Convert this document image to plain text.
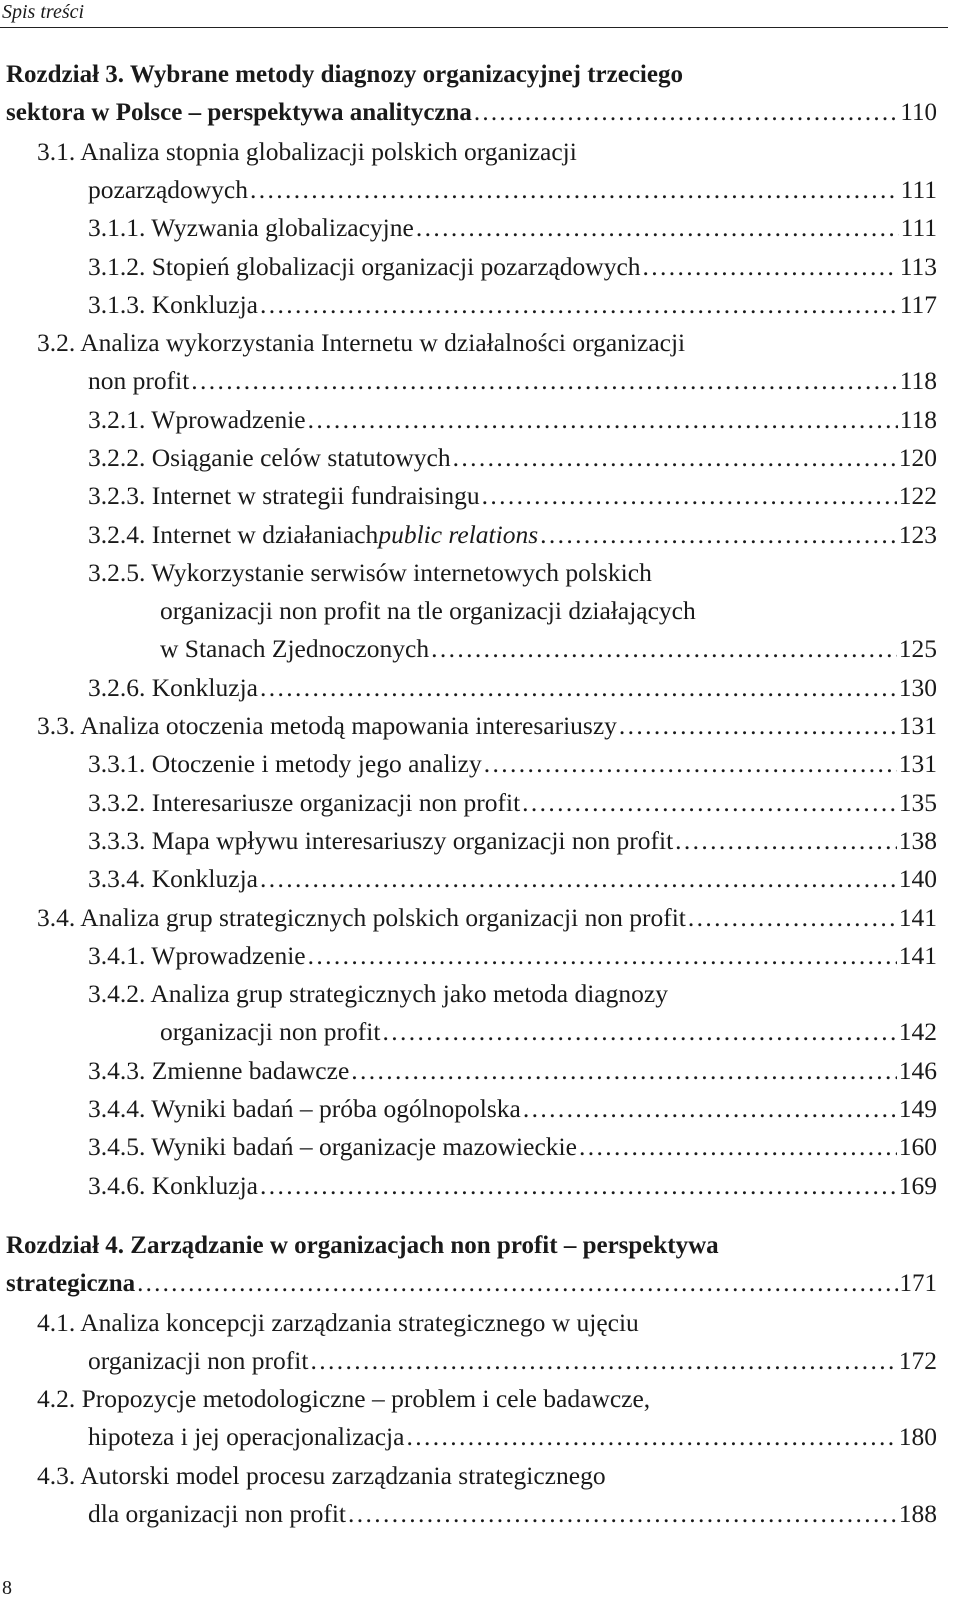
Spis treści
Rozdział 3. Wybrane metody diagnozy organizacyjnej trzeciego
sektora w Polsce – perspektywa analityczna . . .	110
3.1. Analiza stopnia globalizacji polskich organizacji
pozarządowych . . .	111
3.1.1. Wyzwania globalizacyjne . . .	111
3.1.2. Stopień globalizacji organizacji pozarządowych . . .	113
3.1.3. Konkluzja . . .	117
3.2. Analiza wykorzystania Internetu w działalności organizacji
non profit . . .	118
3.2.1. Wprowadzenie . . .	118
3.2.2. Osiąganie celów statutowych . . .	120
3.2.3. Internet w strategii fundraisingu . . .	122
3.2.4. Internet w działaniach public relations . . .	123
3.2.5. Wykorzystanie serwisów internetowych polskich
organizacji non profit na tle organizacji działających
w Stanach Zjednoczonych . . .	125
3.2.6. Konkluzja . . .	130
3.3. Analiza otoczenia metodą mapowania interesariuszy . . .	131
3.3.1. Otoczenie i metody jego analizy . . .	131
3.3.2. Interesariusze organizacji non profit . . .	135
3.3.3. Mapa wpływu interesariuszy organizacji non profit . . .	138
3.3.4. Konkluzja . . .	140
3.4. Analiza grup strategicznych polskich organizacji non profit . . .	141
3.4.1. Wprowadzenie . . .	141
3.4.2. Analiza grup strategicznych jako metoda diagnozy
organizacji non profit . . .	142
3.4.3. Zmienne badawcze . . .	146
3.4.4. Wyniki badań – próba ogólnopolska . . .	149
3.4.5. Wyniki badań – organizacje mazowieckie . . .	160
3.4.6. Konkluzja . . .	169
Rozdział 4. Zarządzanie w organizacjach non profit – perspektywa
strategiczna . . .	171
4.1. Analiza koncepcji zarządzania strategicznego w ujęciu
organizacji non profit . . .	172
4.2. Propozycje metodologiczne – problem i cele badawcze,
hipoteza i jej operacjonalizacja . . .	180
4.3. Autorski model procesu zarządzania strategicznego
dla organizacji non profit . . .	188
8
